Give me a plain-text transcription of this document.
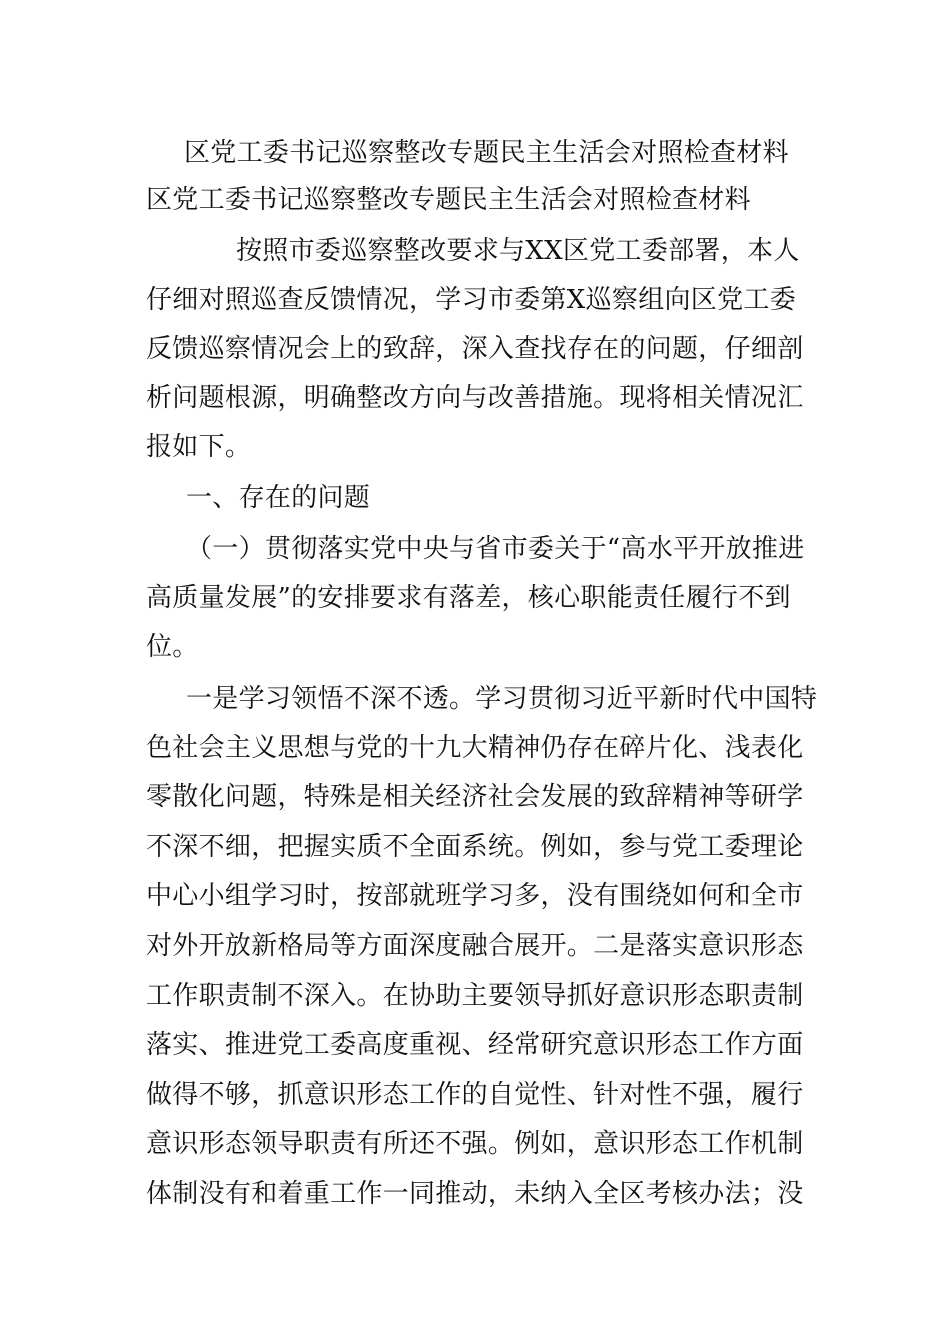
区党工委书记巡察整改专题民主生活会对照检查材料
区党工委书记巡察整改专题民主生活会对照检查材料
按照市委巡察整改要求与XX区党工委部署，本人
仔细对照巡查反馈情况，学习市委第X巡察组向区党工委
反馈巡察情况会上的致辞，深入查找存在的问题，仔细剖
析问题根源，明确整改方向与改善措施。现将相关情况汇
报如下。
一、存在的问题
（一）贯彻落实党中央与省市委关于“高水平开放推进
高质量发展”的安排要求有落差，核心职能责任履行不到
位。
一是学习领悟不深不透。学习贯彻习近平新时代中国特
色社会主义思想与党的十九大精神仍存在碎片化、浅表化
零散化问题，特殊是相关经济社会发展的致辞精神等研学
不深不细，把握实质不全面系统。例如，参与党工委理论
中心小组学习时，按部就班学习多，没有围绕如何和全市
对外开放新格局等方面深度融合展开。二是落实意识形态
工作职责制不深入。在协助主要领导抓好意识形态职责制
落实、推进党工委高度重视、经常研究意识形态工作方面
做得不够，抓意识形态工作的自觉性、针对性不强，履行
意识形态领导职责有所还不强。例如，意识形态工作机制
体制没有和着重工作一同推动，未纳入全区考核办法；没
